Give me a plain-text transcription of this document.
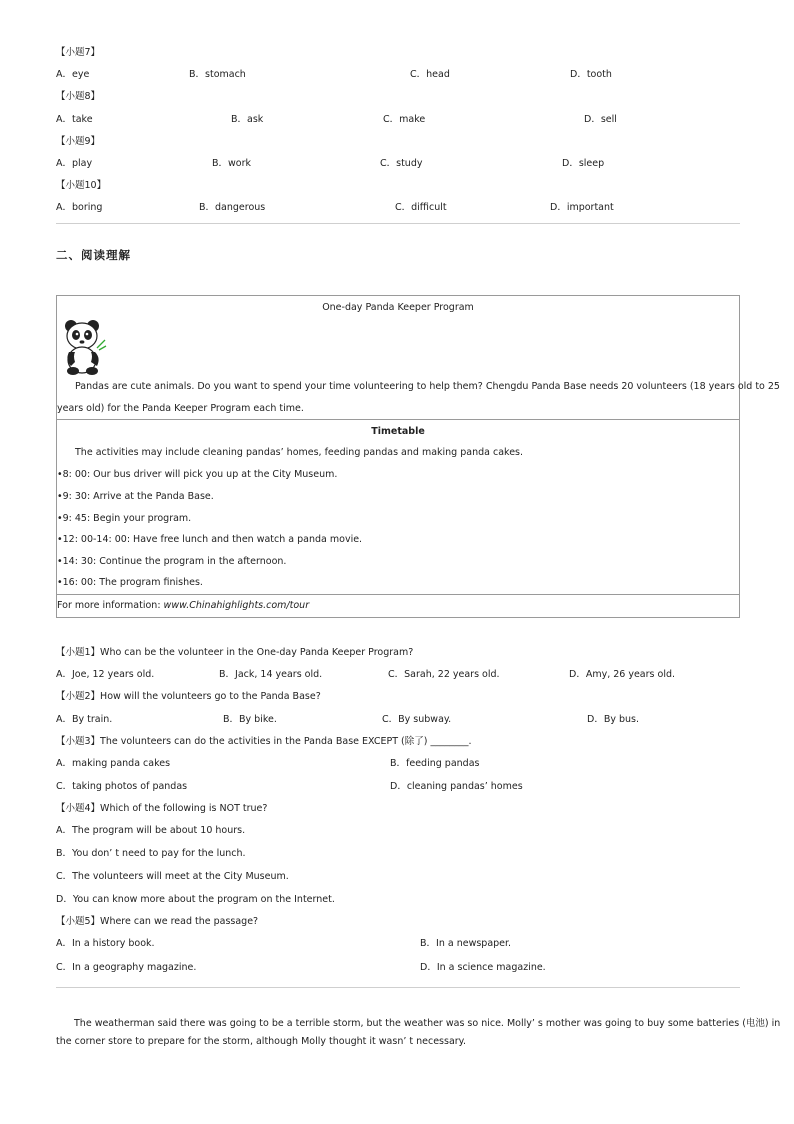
【小题7】
A．eye	B．stomach	C．head	D．tooth
【小题8】
A．take	B．ask	C．make	D．sell
【小题9】
A．play	B．work	C．study	D．sleep
【小题10】
A．boring	B．dangerous	C．difficult	D．important
二、阅读理解
One-day Panda Keeper Program
Pandas are cute animals. Do you want to spend your time volunteering to help them? Chengdu Panda Base needs 20 volunteers (18 years old to 25
years old) for the Panda Keeper Program each time.
Timetable
The activities may include cleaning pandas’ homes, feeding pandas and making panda cakes.
•8: 00: Our bus driver will pick you up at the City Museum.
•9: 30: Arrive at the Panda Base.
•9: 45: Begin your program.
•12: 00-14: 00: Have free lunch and then watch a panda movie.
•14: 30: Continue the program in the afternoon.
•16: 00: The program finishes.
For more information: www.Chinahighlights.com/tour
【小题1】Who can be the volunteer in the One-day Panda Keeper Program?
A．Joe, 12 years old.	B．Jack, 14 years old.	C．Sarah, 22 years old.	D．Amy, 26 years old.
【小题2】How will the volunteers go to the Panda Base?
A．By train.	B．By bike.	C．By subway.	D．By bus.
【小题3】The volunteers can do the activities in the Panda Base EXCEPT (除了) ________.
A．making panda cakes	B．feeding pandas
C．taking photos of pandas	D．cleaning pandas’ homes
【小题4】Which of the following is NOT true?
A．The program will be about 10 hours.
B．You don’ t need to pay for the lunch.
C．The volunteers will meet at the City Museum.
D．You can know more about the program on the Internet.
【小题5】Where can we read the passage?
A．In a history book.	B．In a newspaper.
C．In a geography magazine.	D．In a science magazine.
The weatherman said there was going to be a terrible storm, but the weather was so nice. Molly’ s mother was going to buy some batteries (电池) in
the corner store to prepare for the storm, although Molly thought it wasn’ t necessary.
